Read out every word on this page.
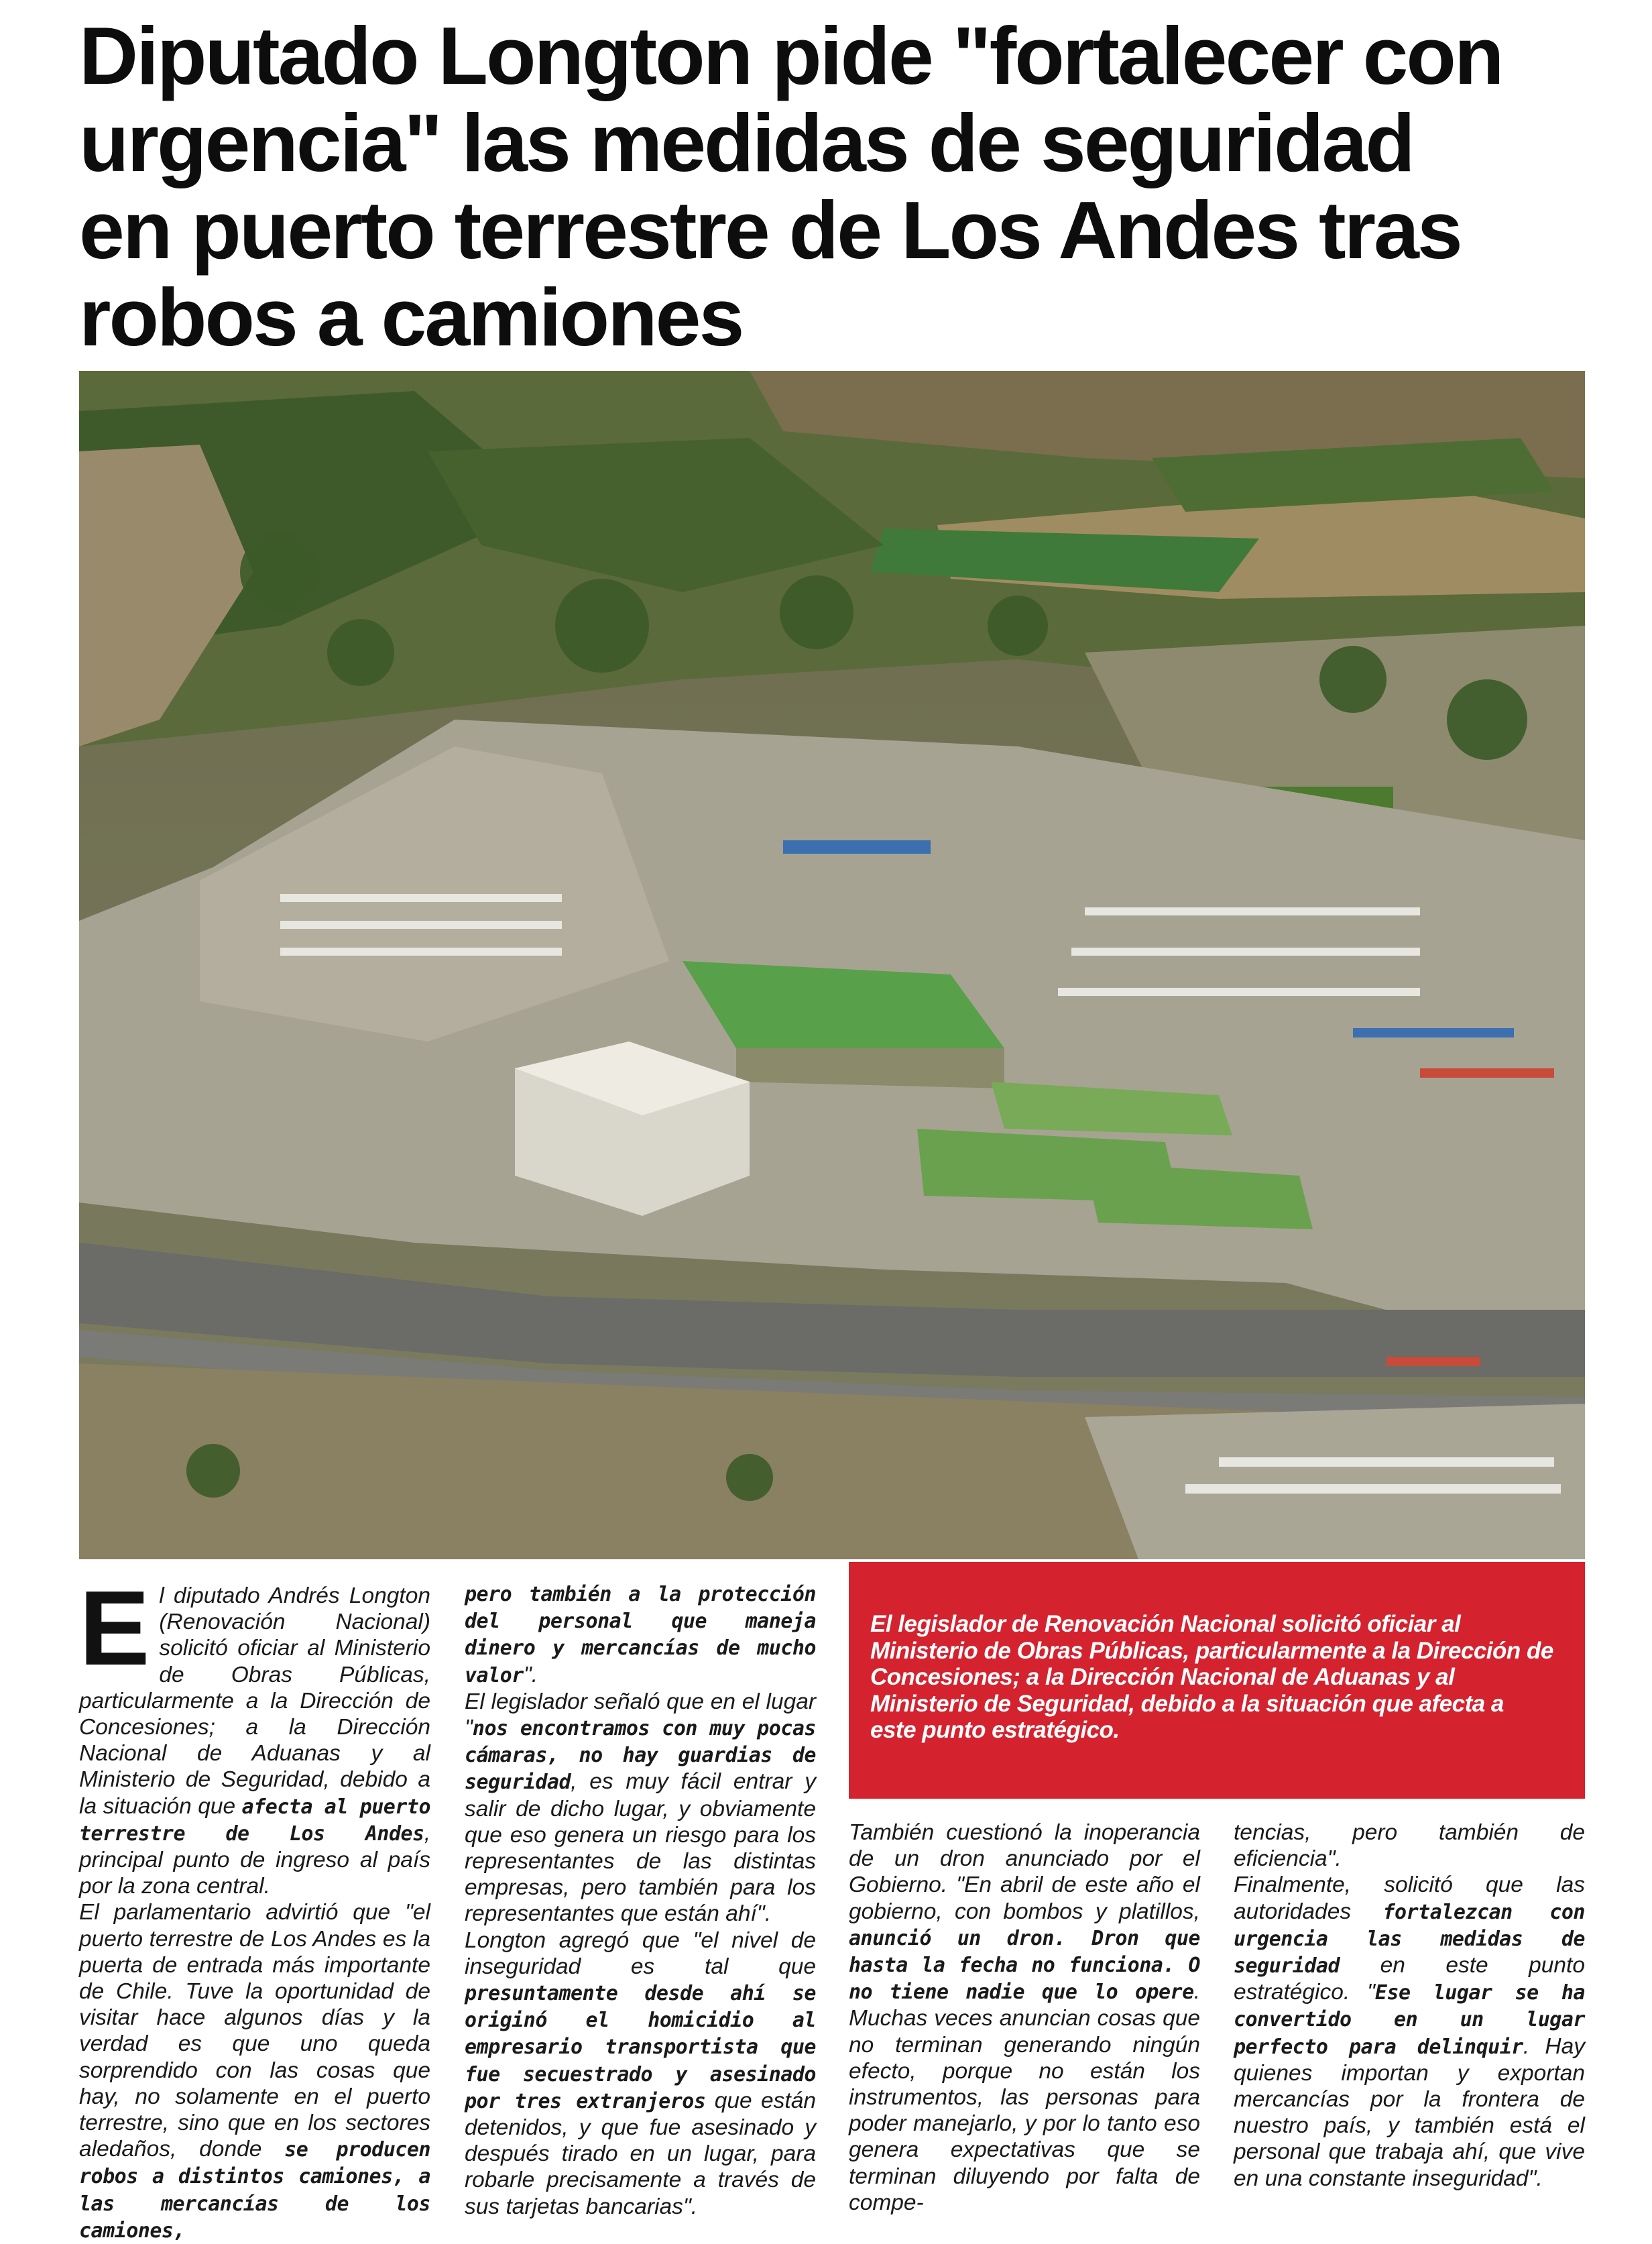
Diputado Longton pide "fortalecer con
urgencia" las medidas de seguridad
en puerto terrestre de Los Andes tras
robos a camiones

El diputado Andrés Longton (Renovación Nacional) solicitó oficiar al Ministerio de Obras Públicas, particularmente a la Dirección de Concesiones; a la Dirección Nacional de Aduanas y al Ministerio de Seguridad, debido a la situación que afecta al puerto terrestre de Los Andes, principal punto de ingreso al país por la zona central.

El parlamentario advirtió que "el puerto terrestre de Los Andes es la puerta de entrada más importante de Chile. Tuve la oportunidad de visitar hace algunos días y la verdad es que uno queda sorprendido con las cosas que hay, no solamente en el puerto terrestre, sino que en los sectores aledaños, donde se producen robos a distintos camiones, a las mercancías de los camiones,

pero también a la protección del personal que maneja dinero y mercancías de mucho valor".

El legislador señaló que en el lugar "nos encontramos con muy pocas cámaras, no hay guardias de seguridad, es muy fácil entrar y salir de dicho lugar, y obviamente que eso genera un riesgo para los representantes de las distintas empresas, pero también para los representantes que están ahí".

Longton agregó que "el nivel de inseguridad es tal que presuntamente desde ahí se originó el homicidio al empresario transportista que fue secuestrado y asesinado por tres extranjeros que están detenidos, y que fue asesinado y después tirado en un lugar, para robarle precisamente a través de sus tarjetas bancarias".

El legislador de Renovación Nacional solicitó oficiar al Ministerio de Obras Públicas, particularmente a la Dirección de Concesiones; a la Dirección Nacional de Aduanas y al Ministerio de Seguridad, debido a la situación que afecta a este punto estratégico.

También cuestionó la inoperancia de un dron anunciado por el Gobierno. "En abril de este año el gobierno, con bombos y platillos, anunció un dron. Dron que hasta la fecha no funciona. O no tiene nadie que lo opere. Muchas veces anuncian cosas que no terminan generando ningún efecto, porque no están los instrumentos, las personas para poder manejarlo, y por lo tanto eso genera expectativas que se terminan diluyendo por falta de compe-

tencias, pero también de eficiencia".

Finalmente, solicitó que las autoridades fortalezcan con urgencia las medidas de seguridad en este punto estratégico. "Ese lugar se ha convertido en un lugar perfecto para delinquir. Hay quienes importan y exportan mercancías por la frontera de nuestro país, y también está el personal que trabaja ahí, que vive en una constante inseguridad".
